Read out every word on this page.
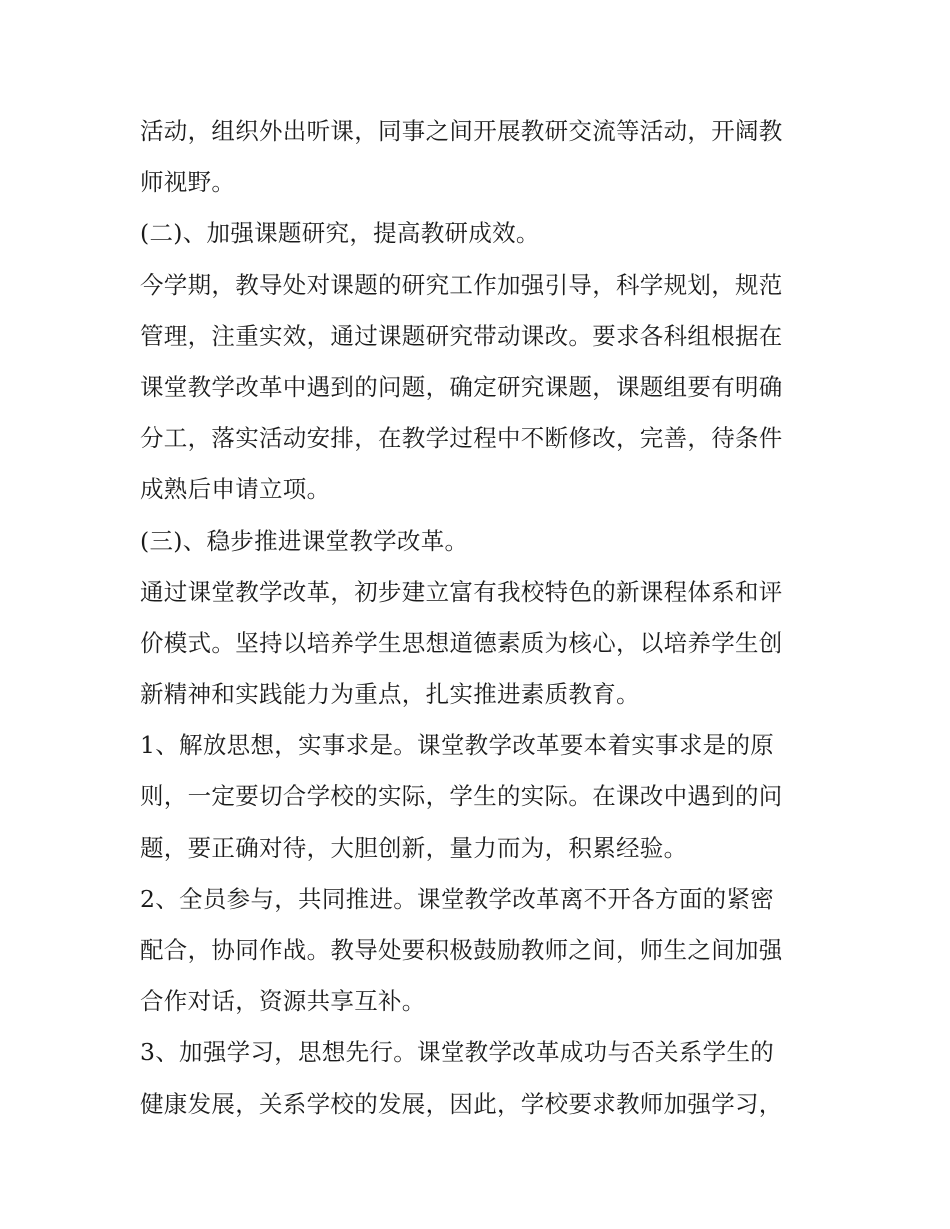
活动，组织外出听课，同事之间开展教研交流等活动，开阔教
师视野。
(二)、加强课题研究，提高教研成效。
今学期，教导处对课题的研究工作加强引导，科学规划，规范
管理，注重实效，通过课题研究带动课改。要求各科组根据在
课堂教学改革中遇到的问题，确定研究课题，课题组要有明确
分工，落实活动安排，在教学过程中不断修改，完善，待条件
成熟后申请立项。
(三)、稳步推进课堂教学改革。
通过课堂教学改革，初步建立富有我校特色的新课程体系和评
价模式。坚持以培养学生思想道德素质为核心，以培养学生创
新精神和实践能力为重点，扎实推进素质教育。
1、解放思想，实事求是。课堂教学改革要本着实事求是的原
则，一定要切合学校的实际，学生的实际。在课改中遇到的问
题，要正确对待，大胆创新，量力而为，积累经验。
2、全员参与，共同推进。课堂教学改革离不开各方面的紧密
配合，协同作战。教导处要积极鼓励教师之间，师生之间加强
合作对话，资源共享互补。
3、加强学习，思想先行。课堂教学改革成功与否关系学生的
健康发展，关系学校的发展，因此，学校要求教师加强学习，
